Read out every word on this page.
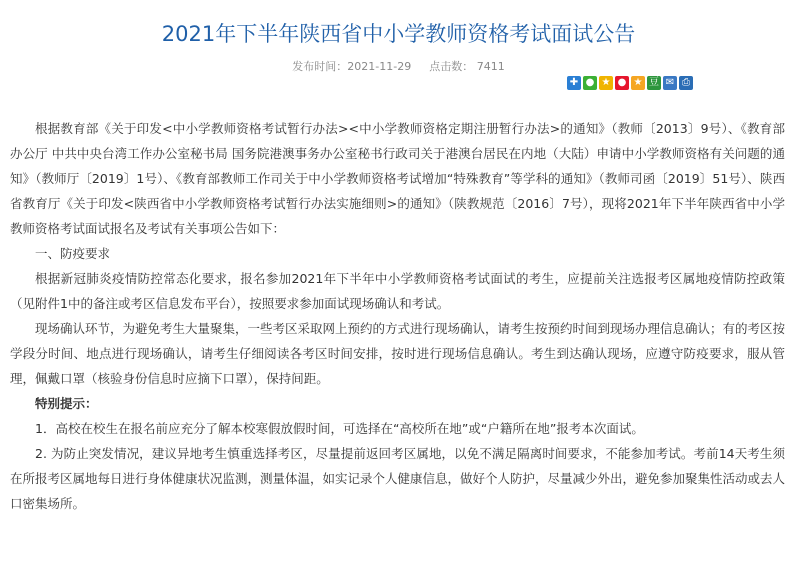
2021年下半年陕西省中小学教师资格考试面试公告
发布时间：2021-11-29 点击数： 7411
✚ ● ★ ● ★ 豆 ✉ ⎙

根据教育部《关于印发<中小学教师资格考试暂行办法><中小学教师资格定期注册暂行办法>的通知》（教师〔2013〕9号）、《教育部办公厅 中共中央台湾工作办公室秘书局 国务院港澳事务办公室秘书行政司关于港澳台居民在内地（大陆）申请中小学教师资格有关问题的通知》（教师厅〔2019〕1号）、《教育部教师工作司关于中小学教师资格考试增加“特殊教育”等学科的通知》（教师司函〔2019〕51号）、陕西省教育厅《关于印发<陕西省中小学教师资格考试暂行办法实施细则>的通知》（陕教规范〔2016〕7号），现将2021年下半年陕西省中小学教师资格考试面试报名及考试有关事项公告如下：

一、防疫要求

根据新冠肺炎疫情防控常态化要求，报名参加2021年下半年中小学教师资格考试面试的考生，应提前关注选报考区属地疫情防控政策（见附件1中的备注或考区信息发布平台），按照要求参加面试现场确认和考试。

现场确认环节，为避免考生大量聚集，一些考区采取网上预约的方式进行现场确认，请考生按预约时间到现场办理信息确认；有的考区按学段分时间、地点进行现场确认，请考生仔细阅读各考区时间安排，按时进行现场信息确认。考生到达确认现场，应遵守防疫要求，服从管理，佩戴口罩（核验身份信息时应摘下口罩），保持间距。

特别提示：

1．高校在校生在报名前应充分了解本校寒假放假时间，可选择在“高校所在地”或“户籍所在地”报考本次面试。

2. 为防止突发情况，建议异地考生慎重选择考区，尽量提前返回考区属地，以免不满足隔离时间要求，不能参加考试。考前14天考生须在所报考区属地每日进行身体健康状况监测，测量体温，如实记录个人健康信息，做好个人防护，尽量减少外出，避免参加聚集性活动或去人口密集场所。
